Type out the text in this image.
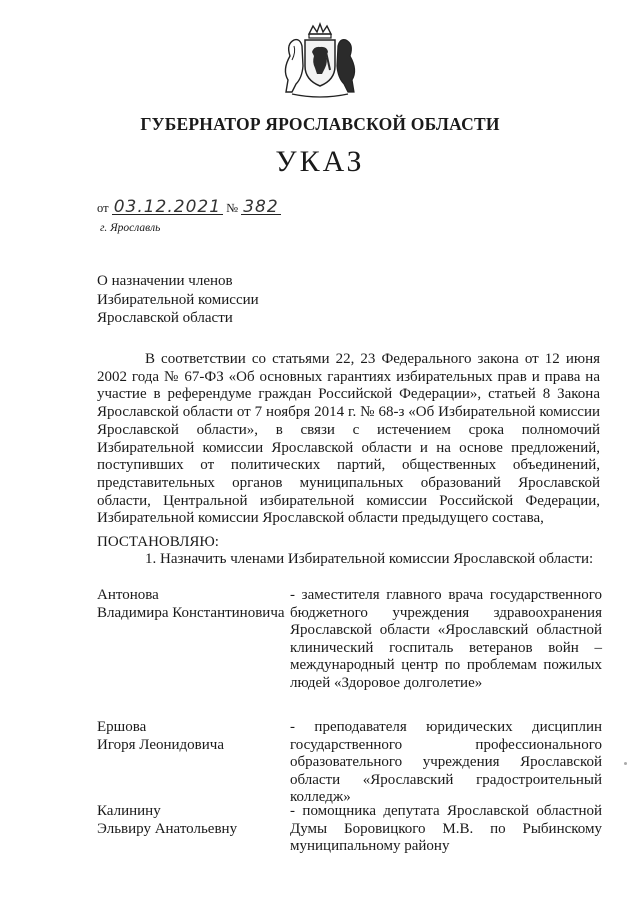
ГУБЕРНАТОР ЯРОСЛАВСКОЙ ОБЛАСТИ
УКАЗ
от 03.12.2021 № 382
г. Ярославль
О назначении членов
Избирательной комиссии
Ярославской области
В соответствии со статьями 22, 23 Федерального закона от 12 июня 2002 года № 67-ФЗ «Об основных гарантиях избирательных прав и права на участие в референдуме граждан Российской Федерации», статьей 8 Закона Ярославской области от 7 ноября 2014 г. № 68-з «Об Избирательной комиссии Ярославской области», в связи с истечением срока полномочий Избирательной комиссии Ярославской области и на основе предложений, поступивших от политических партий, общественных объединений, представительных органов муниципальных образований Ярославской области, Центральной избирательной комиссии Российской Федерации, Избирательной комиссии Ярославской области предыдущего состава,
ПОСТАНОВЛЯЮ:
1. Назначить членами Избирательной комиссии Ярославской области:
Антонова
Владимира Константиновича

- заместителя главного врача государственного бюджетного учреждения здравоохранения Ярославской области «Ярославский областной клинический госпиталь ветеранов войн – международный центр по проблемам пожилых людей «Здоровое долголетие»

Ершова
Игоря Леонидовича

- преподавателя юридических дисциплин государственного профессионального образовательного учреждения Ярославской области «Ярославский градостроительный колледж»

Калинину
Эльвиру Анатольевну

- помощника депутата Ярославской областной Думы Боровицкого М.В. по Рыбинскому муниципальному району
